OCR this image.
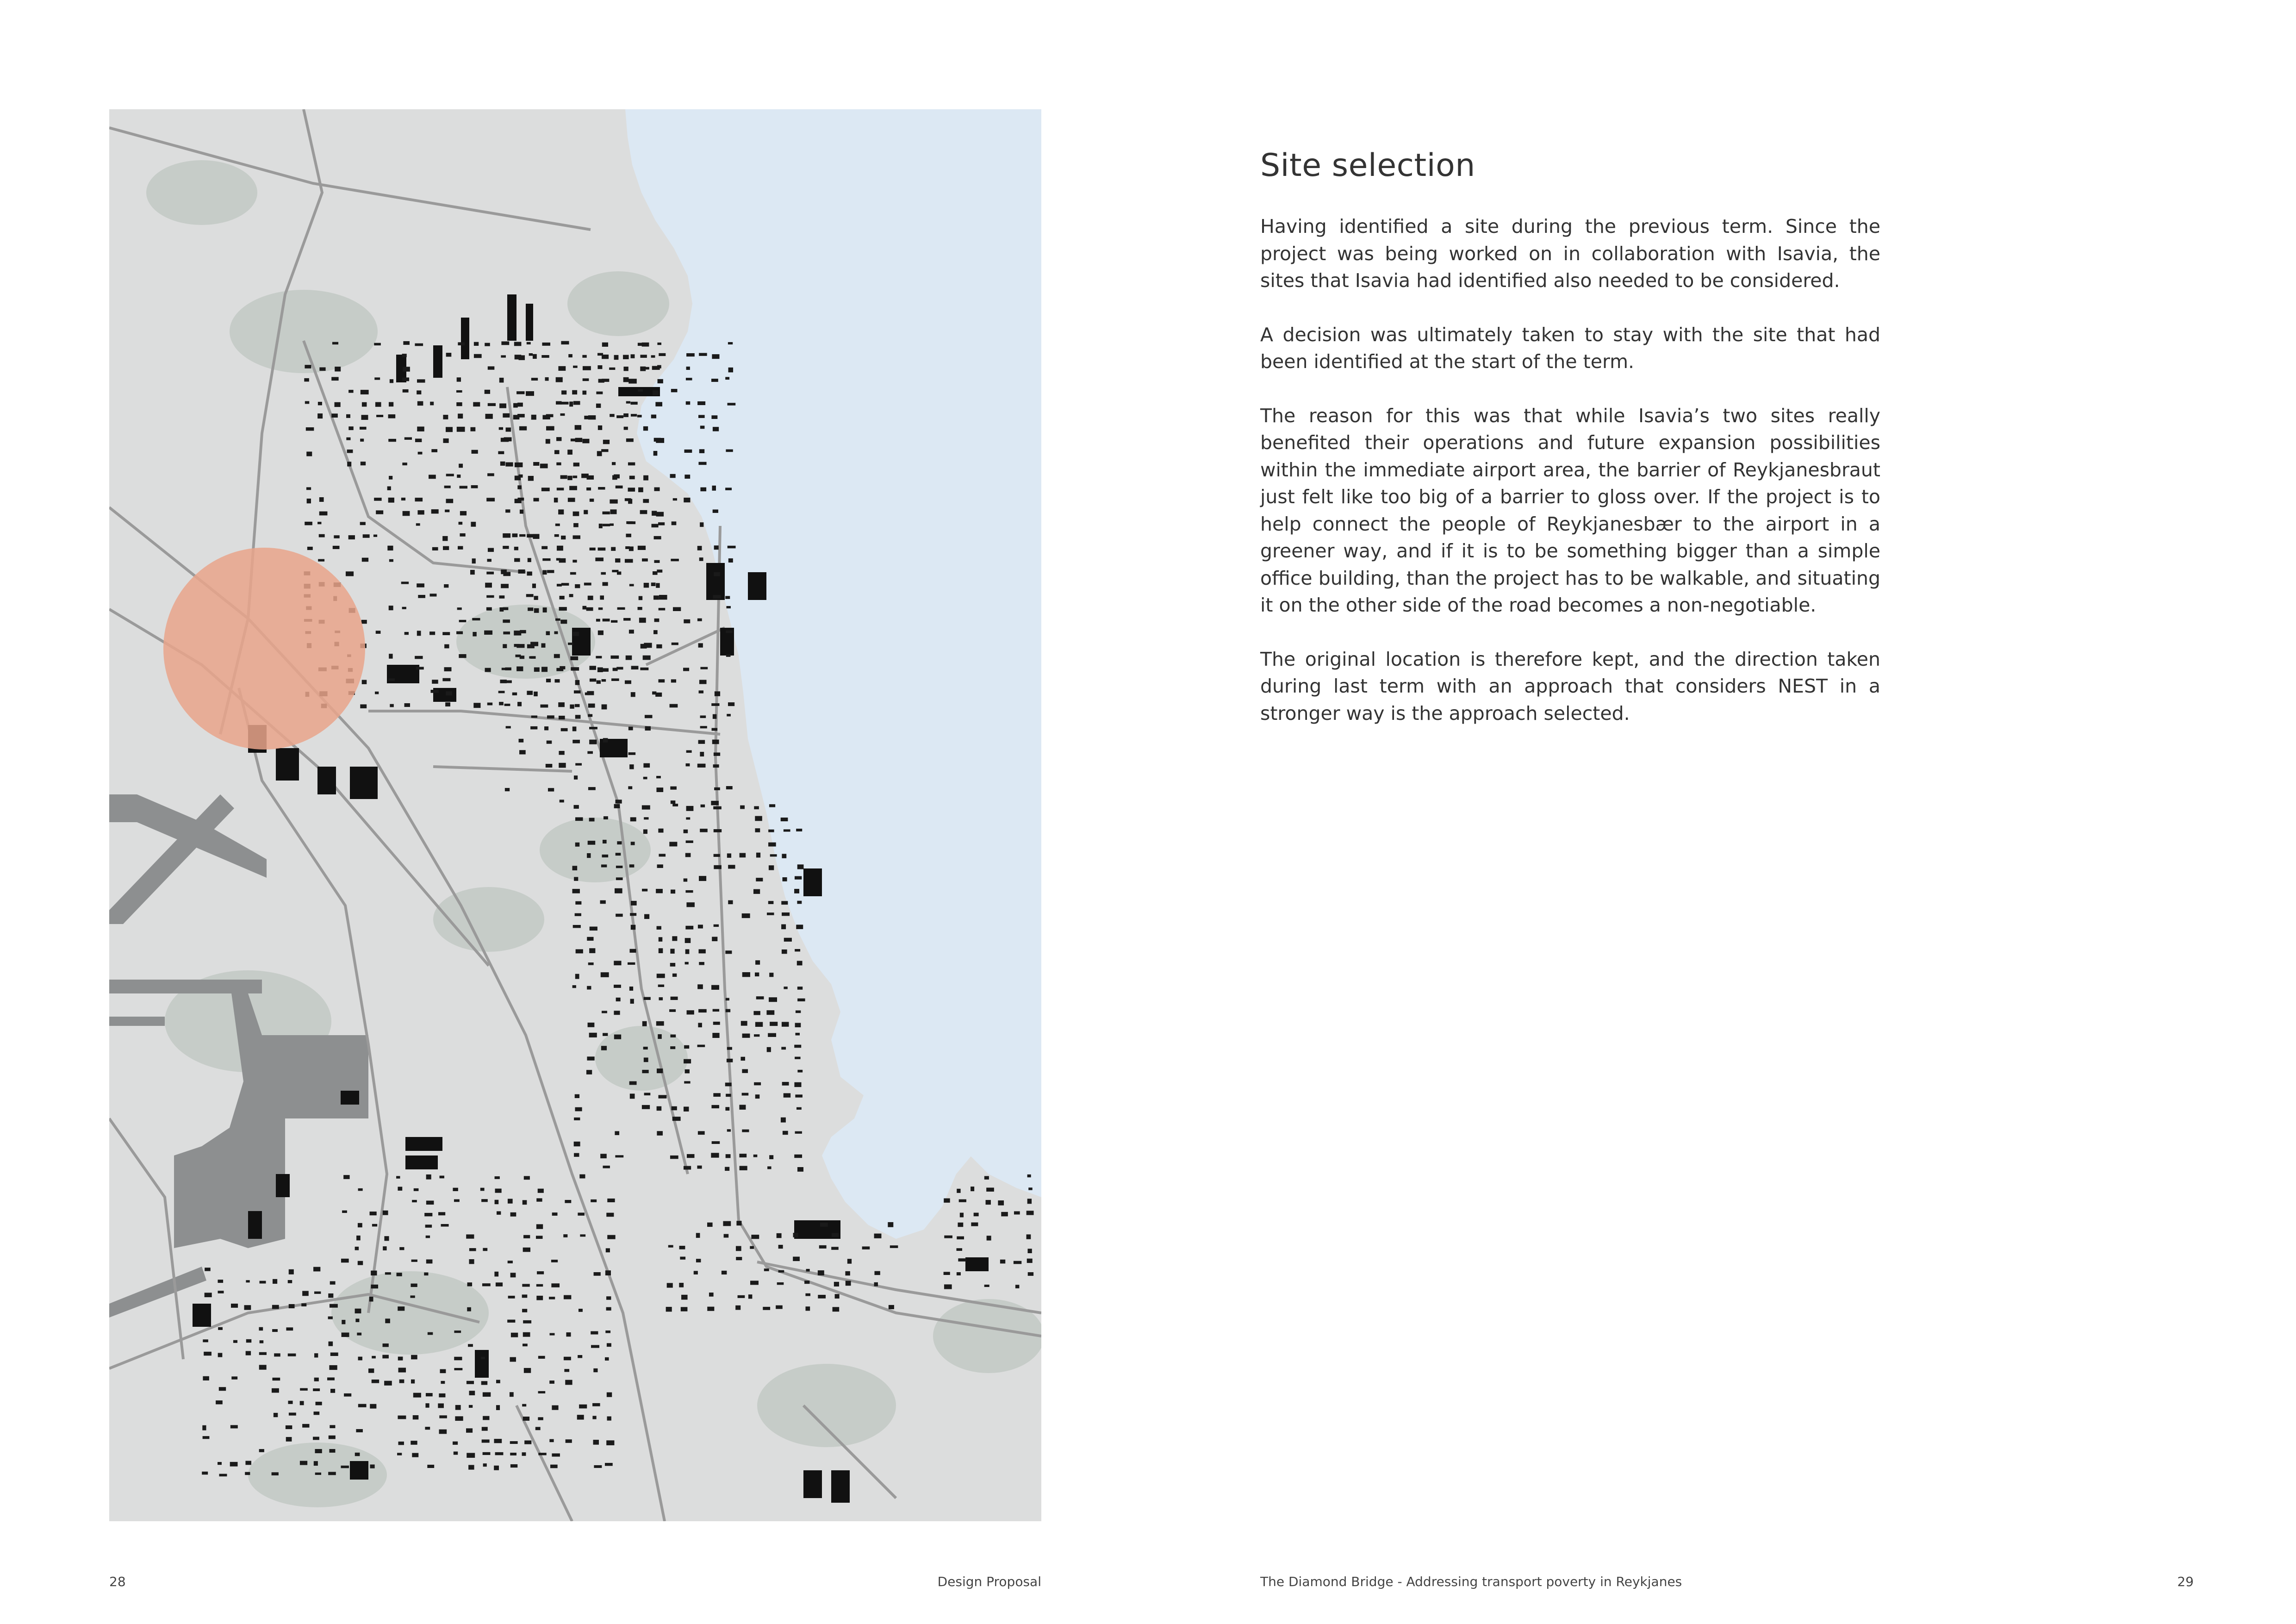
28	Design Proposal
Site selection

Having identified a site during the previous term. Since the project was being worked on in collaboration with Isavia, the sites that Isavia had identified also needed to be considered.

A decision was ultimately taken to stay with the site that had been identified at the start of the term.

The reason for this was that while Isavia’s two sites really benefited their operations and future expansion possibilities within the immediate airport area, the barrier of Reykjanesbraut just felt like too big of a barrier to gloss over. If the project is to help connect the people of Reykjanesbær to the airport in a greener way, and if it is to be something bigger than a simple office building, than the project has to be walkable, and situating it on the other side of the road becomes a non-negotiable.

The original location is therefore kept, and the direction taken during last term with an approach that considers NEST in a stronger way is the approach selected.

The Diamond Bridge - Addressing transport poverty in Reykjanes	29
